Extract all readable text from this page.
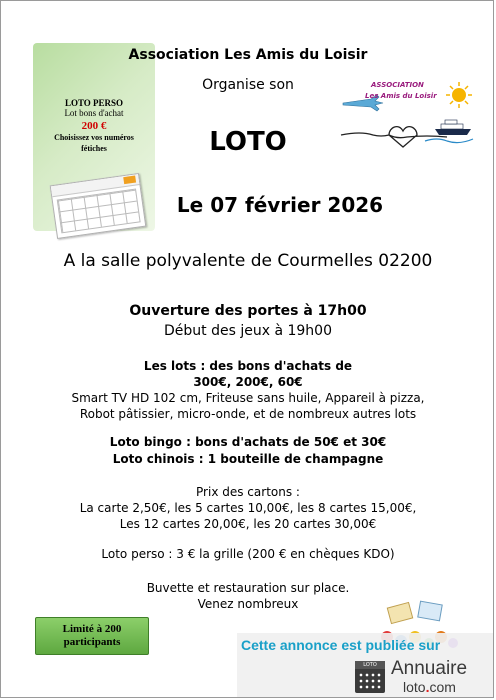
LOTO PERSO
Lot bons d'achat
200 €
Choisissez vos numéros
fétiches
ASSOCIATION
Les Amis du Loisir
Association Les Amis du Loisir
Organise son
LOTO
Le 07 février 2026
A la salle polyvalente de Courmelles 02200
Ouverture des portes à 17h00
Début des jeux à 19h00
Les lots : des bons d'achats de
300€, 200€, 60€
Smart TV HD 102 cm, Friteuse sans huile, Appareil à pizza,
Robot pâtissier, micro-onde, et de nombreux autres lots
Loto bingo : bons d'achats de 50€ et 30€
Loto chinois : 1 bouteille de champagne
Prix des cartons :
La carte 2,50€, les 5 cartes 10,00€, les 8 cartes 15,00€,
Les 12 cartes 20,00€, les 20 cartes 30,00€
Loto perso : 3 € la grille (200 € en chèques KDO)
Buvette et restauration sur place.
Venez nombreux
Limité à 200
participants	Cette annonce est publiée sur
LOTO Annuaire
loto.com
